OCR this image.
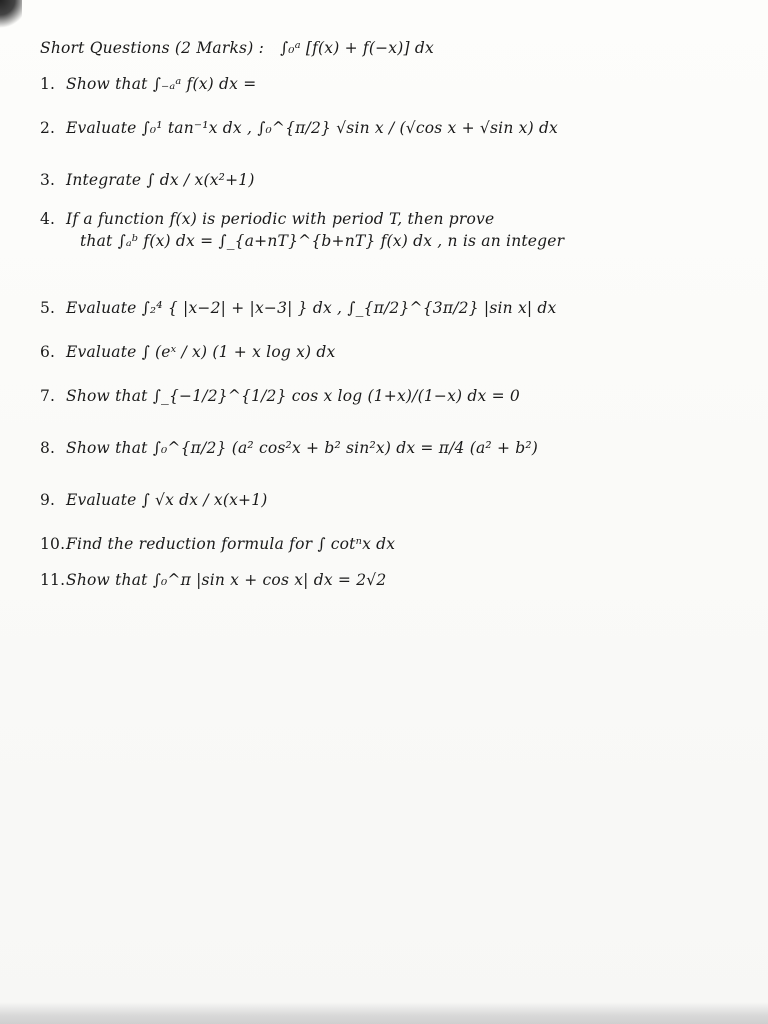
Short Questions (2 Marks) : ∫₀ᵃ [f(x) + f(−x)] dx
1. Show that ∫₋ₐᵃ f(x) dx =
2. Evaluate ∫₀¹ tan⁻¹x dx , ∫₀^{π/2} √sin x / (√cos x + √sin x) dx
3. Integrate ∫ dx / x(x²+1)
4. If a function f(x) is periodic with period T, then prove
that ∫ₐᵇ f(x) dx = ∫_{a+nT}^{b+nT} f(x) dx , n is an integer
5. Evaluate ∫₂⁴ { |x−2| + |x−3| } dx , ∫_{π/2}^{3π/2} |sin x| dx
6. Evaluate ∫ (eˣ / x) (1 + x log x) dx
7. Show that ∫_{−1/2}^{1/2} cos x log (1+x)/(1−x) dx = 0
8. Show that ∫₀^{π/2} (a² cos²x + b² sin²x) dx = π/4 (a² + b²)
9. Evaluate ∫ √x dx / x(x+1)
10. Find the reduction formula for ∫ cotⁿx dx
11. Show that ∫₀^π |sin x + cos x| dx = 2√2
